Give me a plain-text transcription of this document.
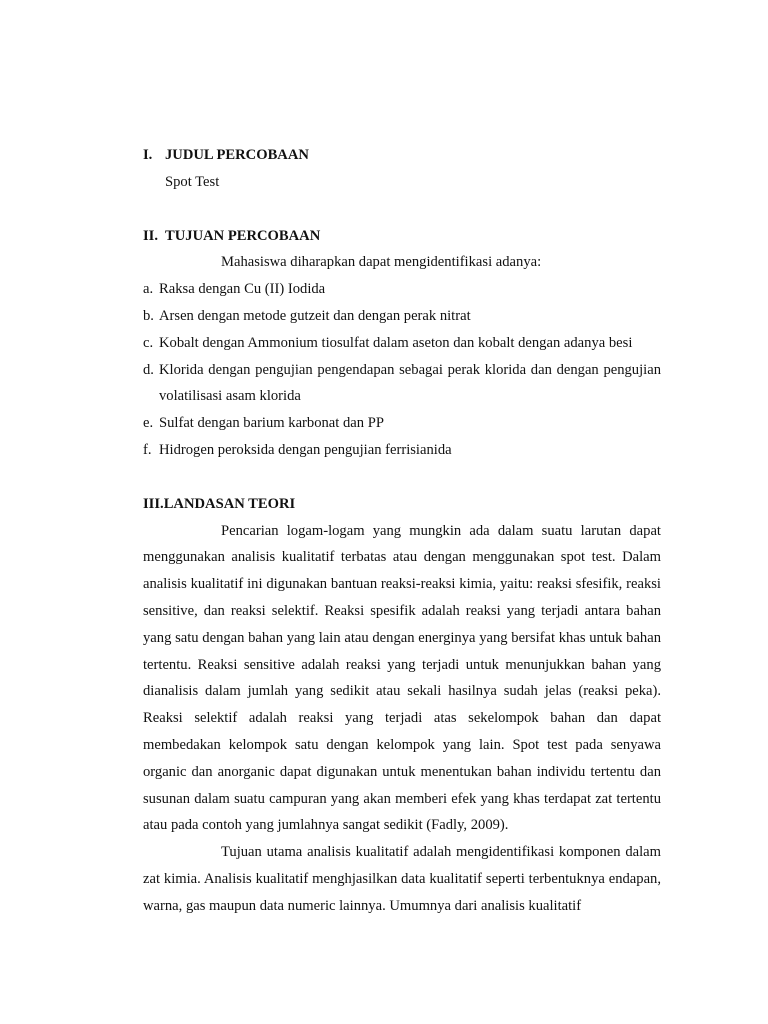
I. JUDUL PERCOBAAN

Spot Test

II. TUJUAN PERCOBAAN

Mahasiswa diharapkan dapat mengidentifikasi adanya:

a. Raksa dengan Cu (II) Iodida
b. Arsen dengan metode gutzeit dan dengan perak nitrat
c. Kobalt dengan Ammonium tiosulfat dalam aseton dan kobalt dengan adanya besi
d. Klorida dengan pengujian pengendapan sebagai perak klorida dan dengan pengujian volatilisasi asam klorida
e. Sulfat dengan barium karbonat dan PP
f. Hidrogen peroksida dengan pengujian ferrisianida
III. LANDASAN TEORI

Pencarian logam-logam yang mungkin ada dalam suatu larutan dapat menggunakan analisis kualitatif terbatas atau dengan menggunakan spot test. Dalam analisis kualitatif ini digunakan bantuan reaksi-reaksi kimia, yaitu: reaksi sfesifik, reaksi sensitive, dan reaksi selektif. Reaksi spesifik adalah reaksi yang terjadi antara bahan yang satu dengan bahan yang lain atau dengan energinya yang bersifat khas untuk bahan tertentu. Reaksi sensitive adalah reaksi yang terjadi untuk menunjukkan bahan yang dianalisis dalam jumlah yang sedikit atau sekali hasilnya sudah jelas (reaksi peka). Reaksi selektif adalah reaksi yang terjadi atas sekelompok bahan dan dapat membedakan kelompok satu dengan kelompok yang lain. Spot test pada senyawa organic dan anorganic dapat digunakan untuk menentukan bahan individu tertentu dan susunan dalam suatu campuran yang akan memberi efek yang khas terdapat zat tertentu atau pada contoh yang jumlahnya sangat sedikit (Fadly, 2009).

Tujuan utama analisis kualitatif adalah mengidentifikasi komponen dalam zat kimia. Analisis kualitatif menghjasilkan data kualitatif seperti terbentuknya endapan, warna, gas maupun data numeric lainnya. Umumnya dari analisis kualitatif
